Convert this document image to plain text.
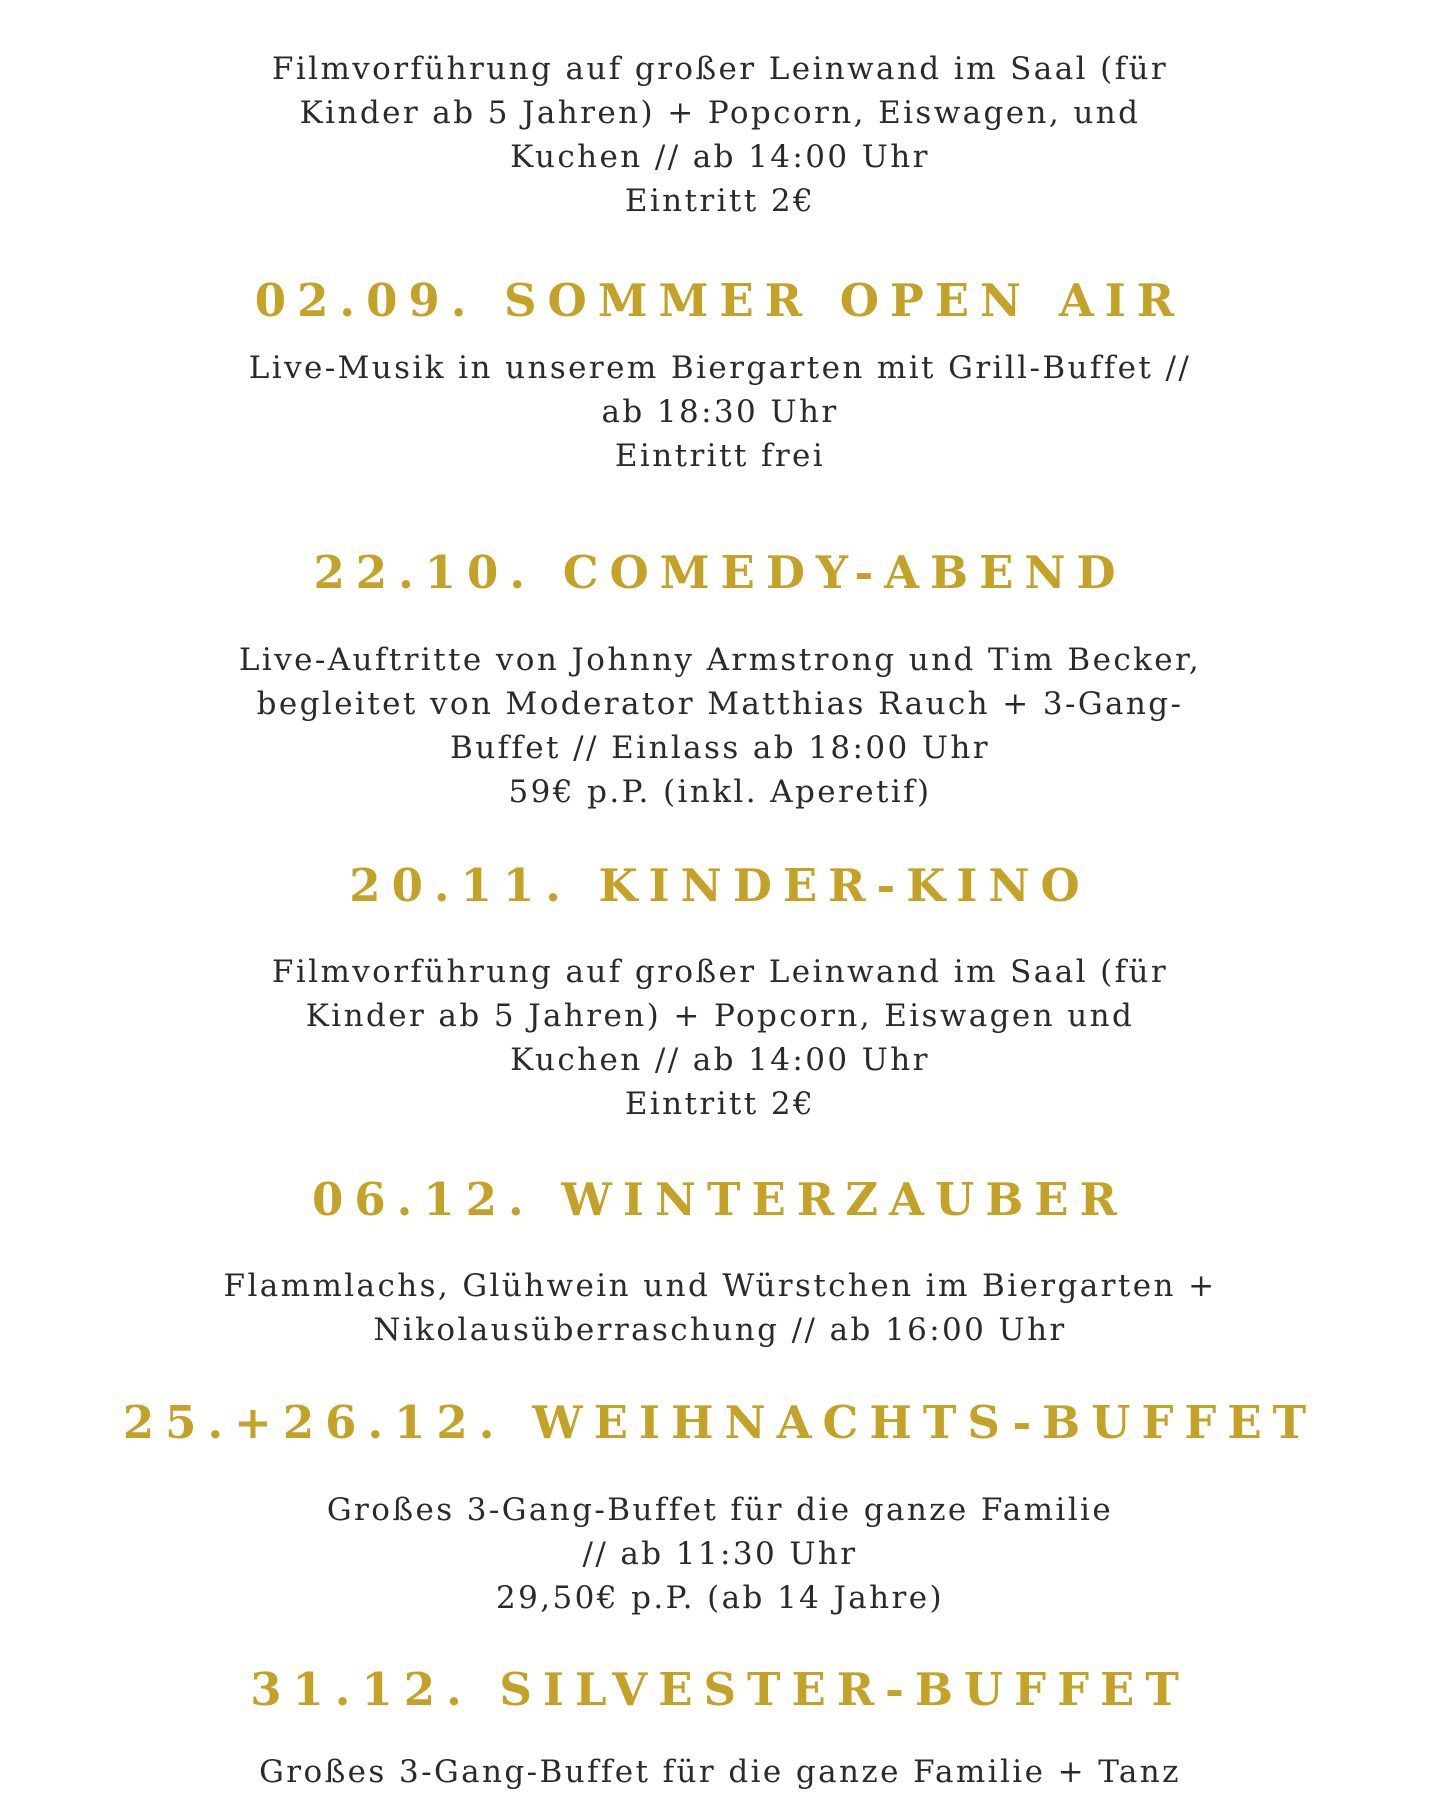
Filmvorführung auf großer Leinwand im Saal (für
Kinder ab 5 Jahren) + Popcorn, Eiswagen, und
Kuchen // ab 14:00 Uhr
Eintritt 2€
02.09. SOMMER OPEN AIR
Live-Musik in unserem Biergarten mit Grill-Buffet //
ab 18:30 Uhr
Eintritt frei
22.10. COMEDY-ABEND
Live-Auftritte von Johnny Armstrong und Tim Becker,
begleitet von Moderator Matthias Rauch + 3-Gang-
Buffet // Einlass ab 18:00 Uhr
59€ p.P. (inkl. Aperetif)
20.11. KINDER-KINO
Filmvorführung auf großer Leinwand im Saal (für
Kinder ab 5 Jahren) + Popcorn, Eiswagen und
Kuchen // ab 14:00 Uhr
Eintritt 2€
06.12. WINTERZAUBER
Flammlachs, Glühwein und Würstchen im Biergarten +
Nikolausüberraschung // ab 16:00 Uhr
25.+26.12. WEIHNACHTS-BUFFET
Großes 3-Gang-Buffet für die ganze Familie
// ab 11:30 Uhr
29,50€ p.P. (ab 14 Jahre)
31.12. SILVESTER-BUFFET
Großes 3-Gang-Buffet für die ganze Familie + Tanz
